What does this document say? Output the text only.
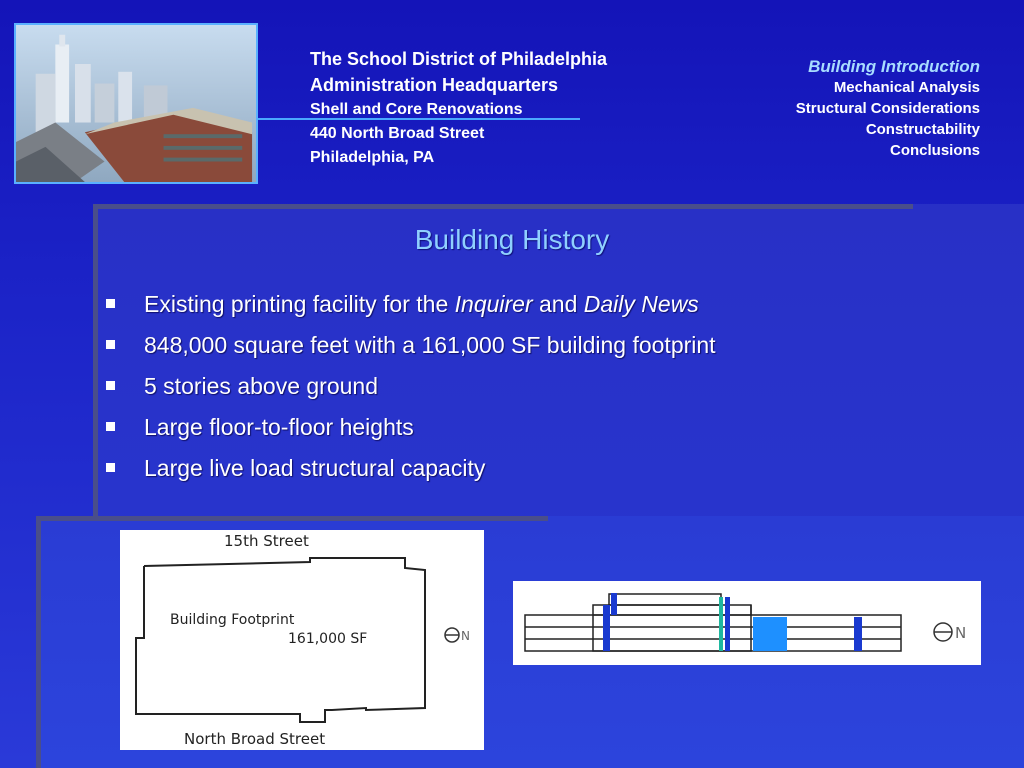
The School District of Philadelphia
Administration Headquarters
Shell and Core Renovations
440 North Broad Street
Philadelphia, PA
Building Introduction
Mechanical Analysis
Structural Considerations
Constructability
Conclusions
Building History
Existing printing facility for the Inquirer and Daily News
848,000 square feet with a 161,000 SF building footprint
5 stories above ground
Large floor-to-floor heights
Large live load structural capacity
15th Street
Building Footprint
161,000 SF	N
North Broad Street
N
